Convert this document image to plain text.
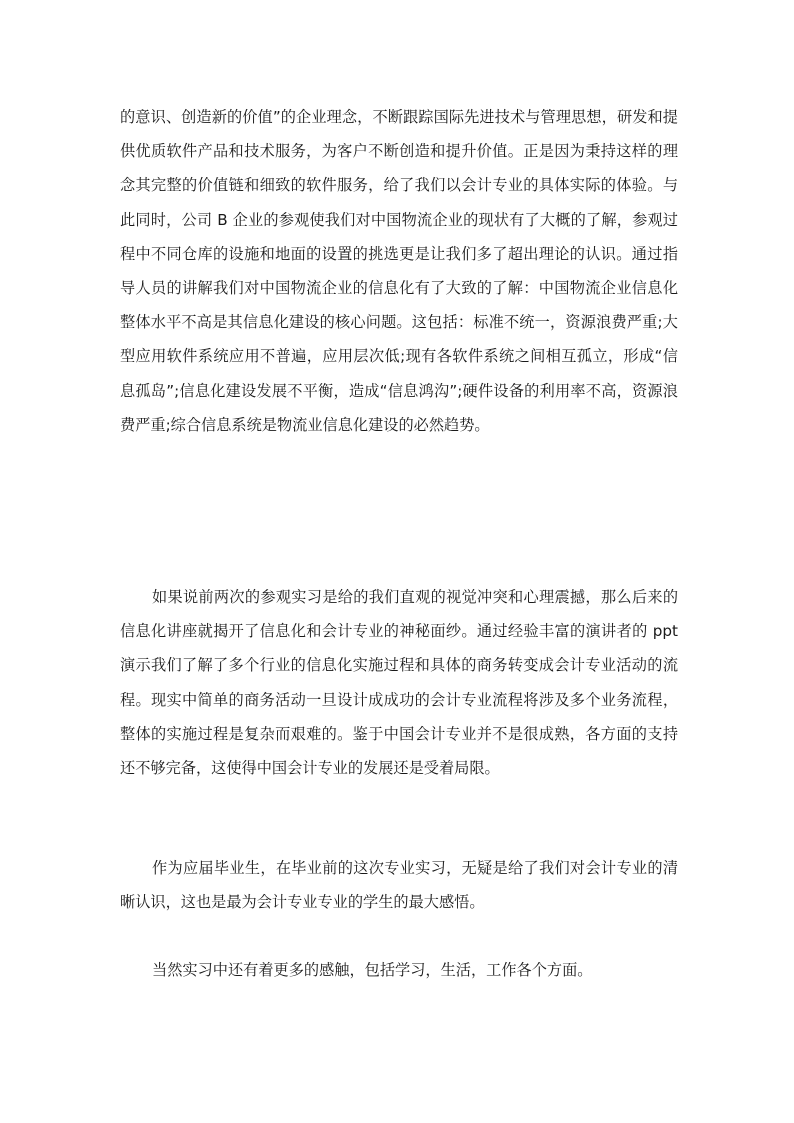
的意识、创造新的价值”的企业理念，不断跟踪国际先进技术与管理思想，研发和提供优质软件产品和技术服务，为客户不断创造和提升价值。正是因为秉持这样的理念其完整的价值链和细致的软件服务，给了我们以会计专业的具体实际的体验。与此同时，公司 B 企业的参观使我们对中国物流企业的现状有了大概的了解，参观过程中不同仓库的设施和地面的设置的挑选更是让我们多了超出理论的认识。通过指导人员的讲解我们对中国物流企业的信息化有了大致的了解：中国物流企业信息化整体水平不高是其信息化建设的核心问题。这包括：标准不统一，资源浪费严重;大型应用软件系统应用不普遍，应用层次低;现有各软件系统之间相互孤立，形成“信息孤岛”;信息化建设发展不平衡，造成“信息鸿沟”;硬件设备的利用率不高，资源浪费严重;综合信息系统是物流业信息化建设的必然趋势。

如果说前两次的参观实习是给的我们直观的视觉冲突和心理震撼，那么后来的信息化讲座就揭开了信息化和会计专业的神秘面纱。通过经验丰富的演讲者的 ppt 演示我们了解了多个行业的信息化实施过程和具体的商务转变成会计专业活动的流程。现实中简单的商务活动一旦设计成成功的会计专业流程将涉及多个业务流程，整体的实施过程是复杂而艰难的。鉴于中国会计专业并不是很成熟，各方面的支持还不够完备，这使得中国会计专业的发展还是受着局限。

作为应届毕业生，在毕业前的这次专业实习，无疑是给了我们对会计专业的清晰认识，这也是最为会计专业专业的学生的最大感悟。

当然实习中还有着更多的感触，包括学习，生活，工作各个方面。
